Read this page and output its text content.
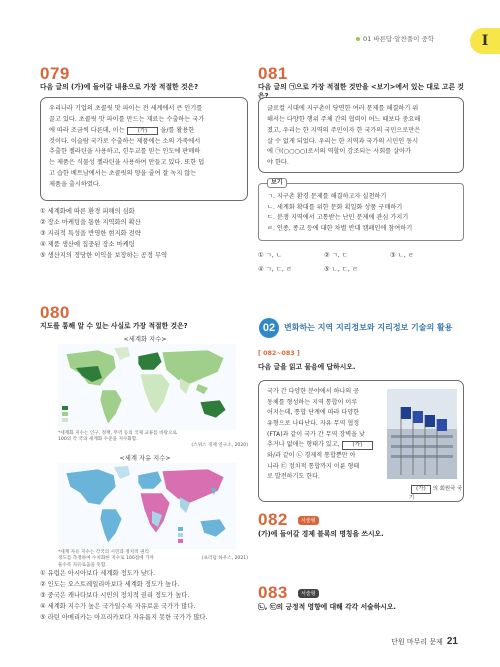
01 바른답·알찬풀이 중학	I
079
다음 글의 (가)에 들어갈 내용으로 가장 적절한 것은?
우리나라 기업의 초콜릿 맛 파이는 전 세계에서 큰 인기를
끌고 있다. 초콜릿 맛 파이를 만드는 재료는 수출하는 국가
에 따라 조금씩 다른데, 이는 (가) 을/를 활용한
것이다. 이슬람 국가로 수출하는 제품에는 소의 가죽에서
추출한 젤라틴을 사용하고, 힌두교를 믿는 인도에 판매하
는 제품은 식물성 젤라틴을 사용하여 만들고 있다. 또한 덥
고 습한 베트남에서는 초콜릿의 양을 줄여 잘 녹지 않는
제품을 출시하였다.
① 세계화에 따른 환경 피해의 심화
② 장소 마케팅을 통한 지역화의 확산
③ 지리적 특성을 반영한 현지화 전략
④ 제품 생산에 집중된 장소 마케팅
⑤ 생산지의 정당한 이익을 보장하는 공정 무역
081
다음 글의 ㉠으로 가장 적절한 것만을 <보기>에서 있는 대로 고른 것은?
글로컬 시대에 지구촌이 당면한 여러 문제를 해결하기 위
해서는 다양한 행위 주체 간의 협력이 어느 때보다 중요해
졌고, 우리는 한 지역의 주민이자 한 국가의 국민으로만은
살 수 없게 되었다. 우리는 한 지역과 국가의 시민인 동시
에 ㉠(○○○○)로서의 역할이 강조되는 사회를 살아가
야 한다.
보기
ㄱ. 지구촌 환경 문제를 해결하고자 실천하기
ㄴ. 세계화 확대를 위한 문화 획일화 상품 구매하기
ㄷ. 분쟁 지역에서 고통받는 난민 문제에 관심 가지기
ㄹ. 인종, 종교 등에 대한 차별 반대 캠페인에 참여하기
① ㄱ, ㄴ	② ㄱ, ㄷ	③ ㄴ, ㄹ
④ ㄱ, ㄷ, ㄹ	⑤ ㄴ, ㄷ, ㄹ
080
지도를 통해 알 수 있는 사실로 가장 적절한 것은?
<세계화 지수>
*세계화 지수는 인구, 정책, 무역 등의 국제 교류를 바탕으로
100의 각 국의 세계화 수준을 지수화함.
(스위스 경제 연구소, 2020)
<세계 자유 지수>
*세계 자유 지수는 각국의 시민과 정치적 권리
정도를 측정하여 수치화한 지수로 100점에 가까
울수록 자유로움을 뜻함.
(프리덤 하우스, 2021)
① 유럽은 아시아보다 세계화 정도가 낮다.
② 인도는 오스트레일리아보다 세계화 정도가 높다.
③ 중국은 캐나다보다 시민의 정치적 권리 정도가 높다.
④ 세계화 지수가 높은 국가일수록 자유로운 국가가 많다.
⑤ 라틴 아메리카는 아프리카보다 자유롭지 못한 국가가 많다.
02	변화하는 지역 지리정보와 지리정보 기술의 활용
[ 082~083 ]
다음 글을 읽고 물음에 답하시오.
국가 간 다양한 분야에서 하나의 공
동체를 형성하는 지역 통합이 이루
어지는데, 통합 단계에 따라 다양한
유형으로 나타난다. 자유 무역 협정
(FTA)과 같이 국가 간 무역 장벽을 낮
추거나 없애는 형태가 있고, (가)
와/과 같이 ㉡ 경제적 통합뿐만 아
니라 ㉢ 정치적 통합까지 이룬 형태
로 발전하기도 한다.
(가) 의 회원국 국기
082	서술형
(가)에 들어갈 경제 블록의 명칭을 쓰시오.
083	서술형
㉡, ㉢의 긍정적 영향에 대해 각각 서술하시오.
단원 마무리 문제 21
